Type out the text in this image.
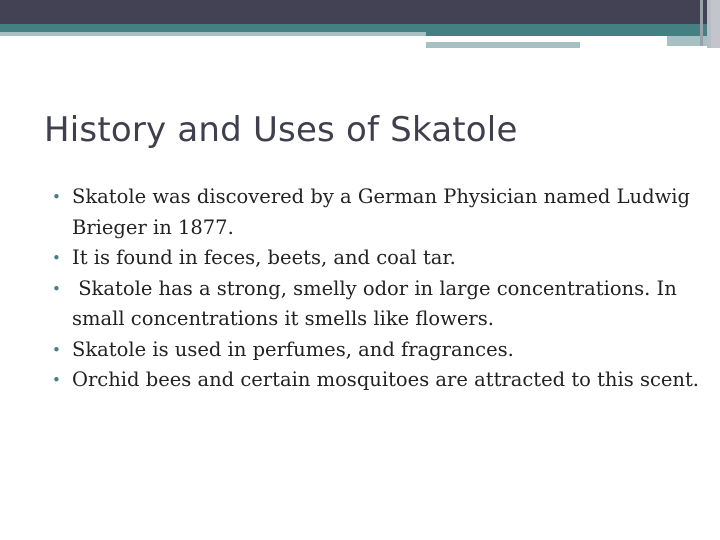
History and Uses of Skatole
• Skatole was discovered by a German Physician named Ludwig Brieger in 1877.
• It is found in feces, beets, and coal tar.
•  Skatole has a strong, smelly odor in large concentrations. In small concentrations it smells like flowers.
• Skatole is used in perfumes, and fragrances.
• Orchid bees and certain mosquitoes are attracted to this scent.
